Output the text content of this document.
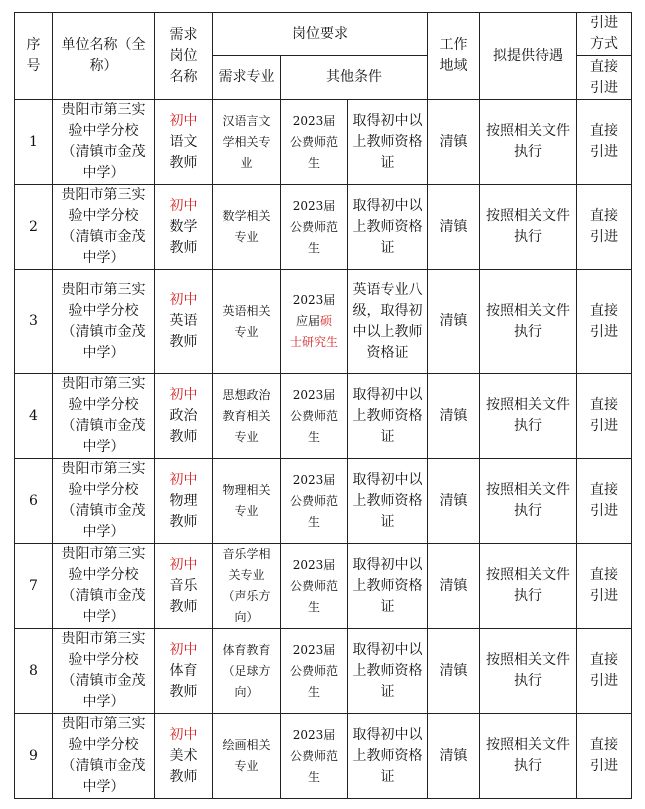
序号	单位名称（全称）	需求岗位名称	岗位要求			工作地域	拟提供待遇	引进方式

			需求专业	其他条件				直接引进

1	贵阳市第三实验中学分校（清镇市金茂中学）	初中语文教师	汉语言文学相关专业	2023届公费师范生	取得初中以上教师资格证	清镇	按照相关文件执行	直接引进

2	贵阳市第三实验中学分校（清镇市金茂中学）	初中数学教师	数学相关专业	2023届公费师范生	取得初中以上教师资格证	清镇	按照相关文件执行	直接引进

3	贵阳市第三实验中学分校（清镇市金茂中学）	初中英语教师	英语相关专业	2023届应届硕士研究生	英语专业八级，取得初中以上教师资格证	清镇	按照相关文件执行	直接引进

4	贵阳市第三实验中学分校（清镇市金茂中学）	初中政治教师	思想政治教育相关专业	2023届公费师范生	取得初中以上教师资格证	清镇	按照相关文件执行	直接引进

6	贵阳市第三实验中学分校（清镇市金茂中学）	初中物理教师	物理相关专业	2023届公费师范生	取得初中以上教师资格证	清镇	按照相关文件执行	直接引进

7	贵阳市第三实验中学分校（清镇市金茂中学）	初中音乐教师	音乐学相关专业（声乐方向）	2023届公费师范生	取得初中以上教师资格证	清镇	按照相关文件执行	直接引进

8	贵阳市第三实验中学分校（清镇市金茂中学）	初中体育教师	体育教育（足球方向）	2023届公费师范生	取得初中以上教师资格证	清镇	按照相关文件执行	直接引进

9	贵阳市第三实验中学分校（清镇市金茂中学）	初中美术教师	绘画相关专业	2023届公费师范生	取得初中以上教师资格证	清镇	按照相关文件执行	直接引进
